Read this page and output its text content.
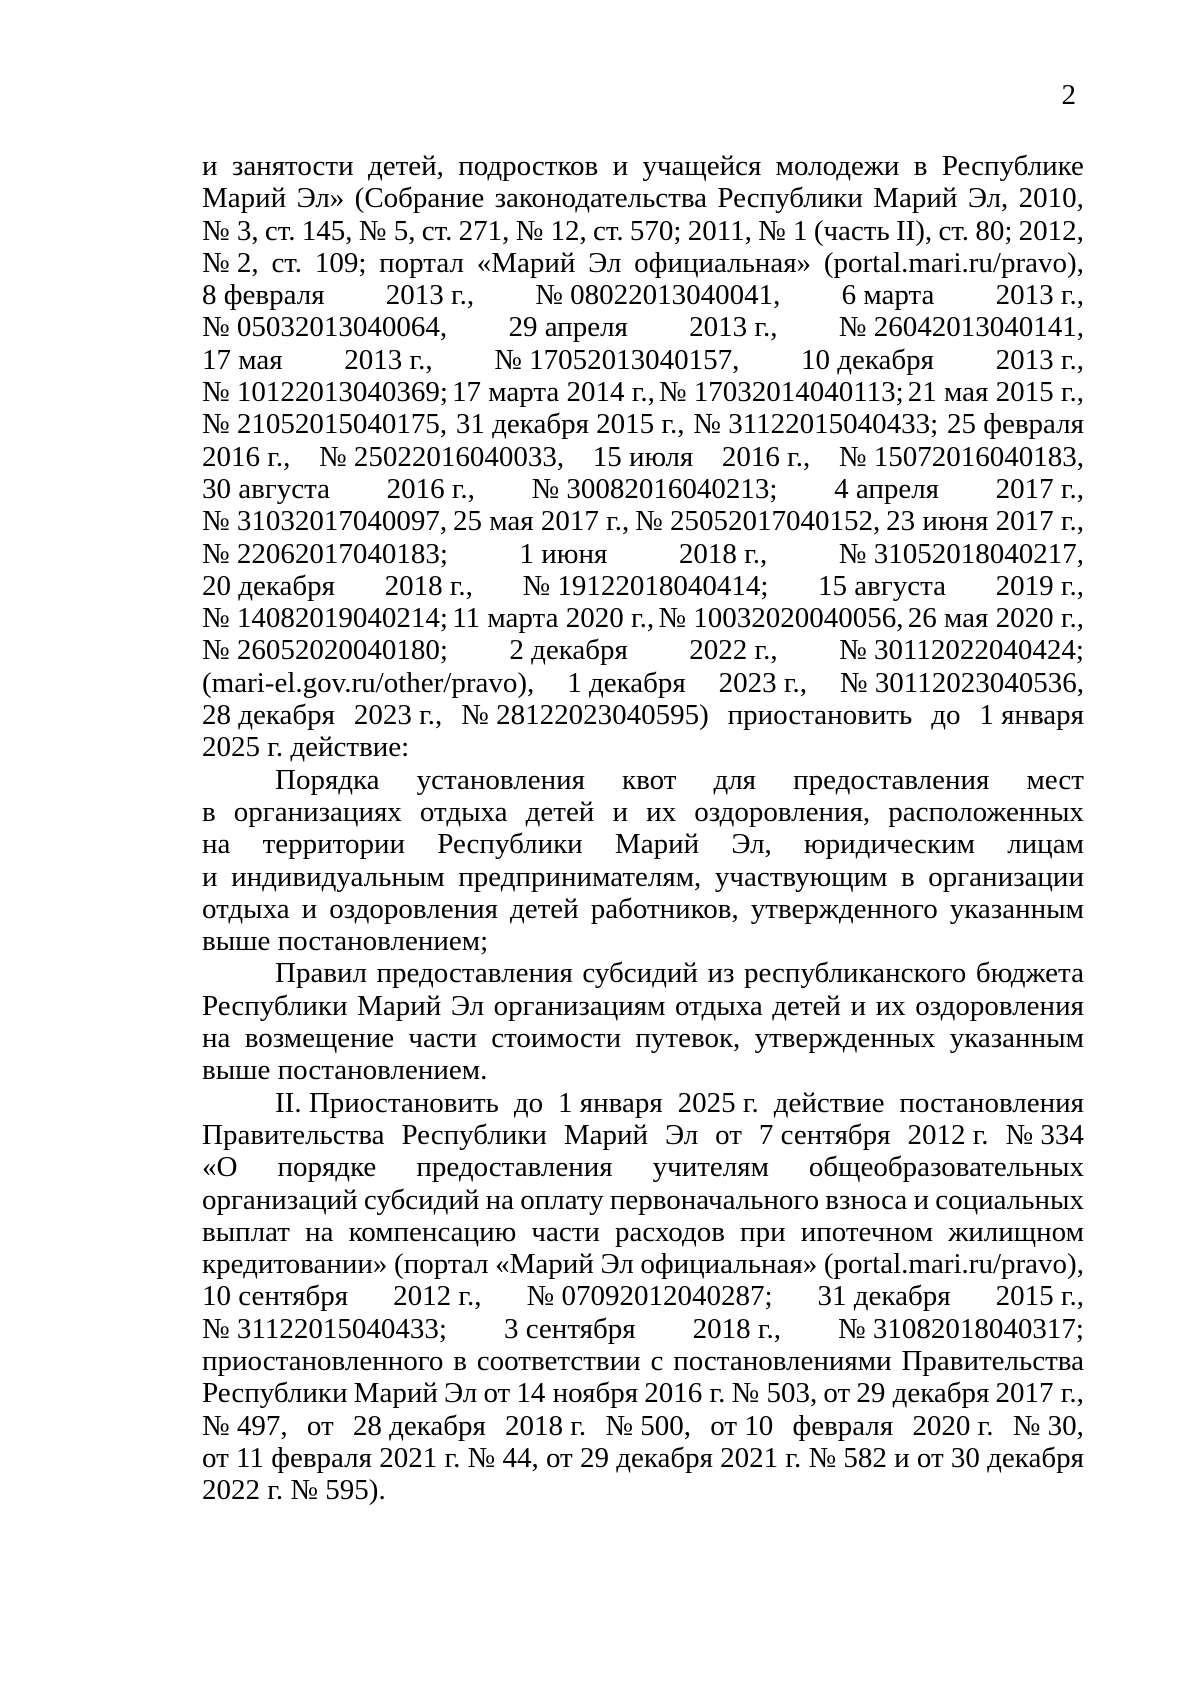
2
и занятости детей, подростков и учащейся молодежи в Республике
Марий Эл» (Собрание законодательства Республики Марий Эл, 2010,
№ 3, ст. 145, № 5, ст. 271, № 12, ст. 570; 2011, № 1 (часть II), ст. 80; 2012,
№ 2, ст. 109; портал «Марий Эл официальная» (portal.mari.ru/pravo),
8 февраля 2013 г., № 08022013040041, 6 марта 2013 г.,
№ 05032013040064, 29 апреля 2013 г., № 26042013040141,
17 мая 2013 г., № 17052013040157, 10 декабря 2013 г.,
№ 10122013040369; 17 марта 2014 г., № 17032014040113; 21 мая 2015 г.,
№ 21052015040175, 31 декабря 2015 г., № 31122015040433; 25 февраля
2016 г., № 25022016040033, 15 июля 2016 г., № 15072016040183,
30 августа 2016 г., № 30082016040213; 4 апреля 2017 г.,
№ 31032017040097, 25 мая 2017 г., № 25052017040152, 23 июня 2017 г.,
№ 22062017040183; 1 июня 2018 г., № 31052018040217,
20 декабря 2018 г., № 19122018040414; 15 августа 2019 г.,
№ 14082019040214; 11 марта 2020 г., № 10032020040056, 26 мая 2020 г.,
№ 26052020040180; 2 декабря 2022 г., № 30112022040424;
(mari-el.gov.ru/other/pravo), 1 декабря 2023 г., № 30112023040536,
28 декабря 2023 г., № 28122023040595) приостановить до 1 января
2025 г. действие:
Порядка установления квот для предоставления мест
в организациях отдыха детей и их оздоровления, расположенных
на территории Республики Марий Эл, юридическим лицам
и индивидуальным предпринимателям, участвующим в организации
отдыха и оздоровления детей работников, утвержденного указанным
выше постановлением;
Правил предоставления субсидий из республиканского бюджета
Республики Марий Эл организациям отдыха детей и их оздоровления
на возмещение части стоимости путевок, утвержденных указанным
выше постановлением.
II. Приостановить до 1 января 2025 г. действие постановления
Правительства Республики Марий Эл от 7 сентября 2012 г. № 334
«О порядке предоставления учителям общеобразовательных
организаций субсидий на оплату первоначального взноса и социальных
выплат на компенсацию части расходов при ипотечном жилищном
кредитовании» (портал «Марий Эл официальная» (portal.mari.ru/pravo),
10 сентября 2012 г., № 07092012040287; 31 декабря 2015 г.,
№ 31122015040433; 3 сентября 2018 г., № 31082018040317;
приостановленного в соответствии с постановлениями Правительства
Республики Марий Эл от 14 ноября 2016 г. № 503, от 29 декабря 2017 г.,
№ 497, от 28 декабря 2018 г. № 500, от 10 февраля 2020 г. № 30,
от 11 февраля 2021 г. № 44, от 29 декабря 2021 г. № 582 и от 30 декабря
2022 г. № 595).
